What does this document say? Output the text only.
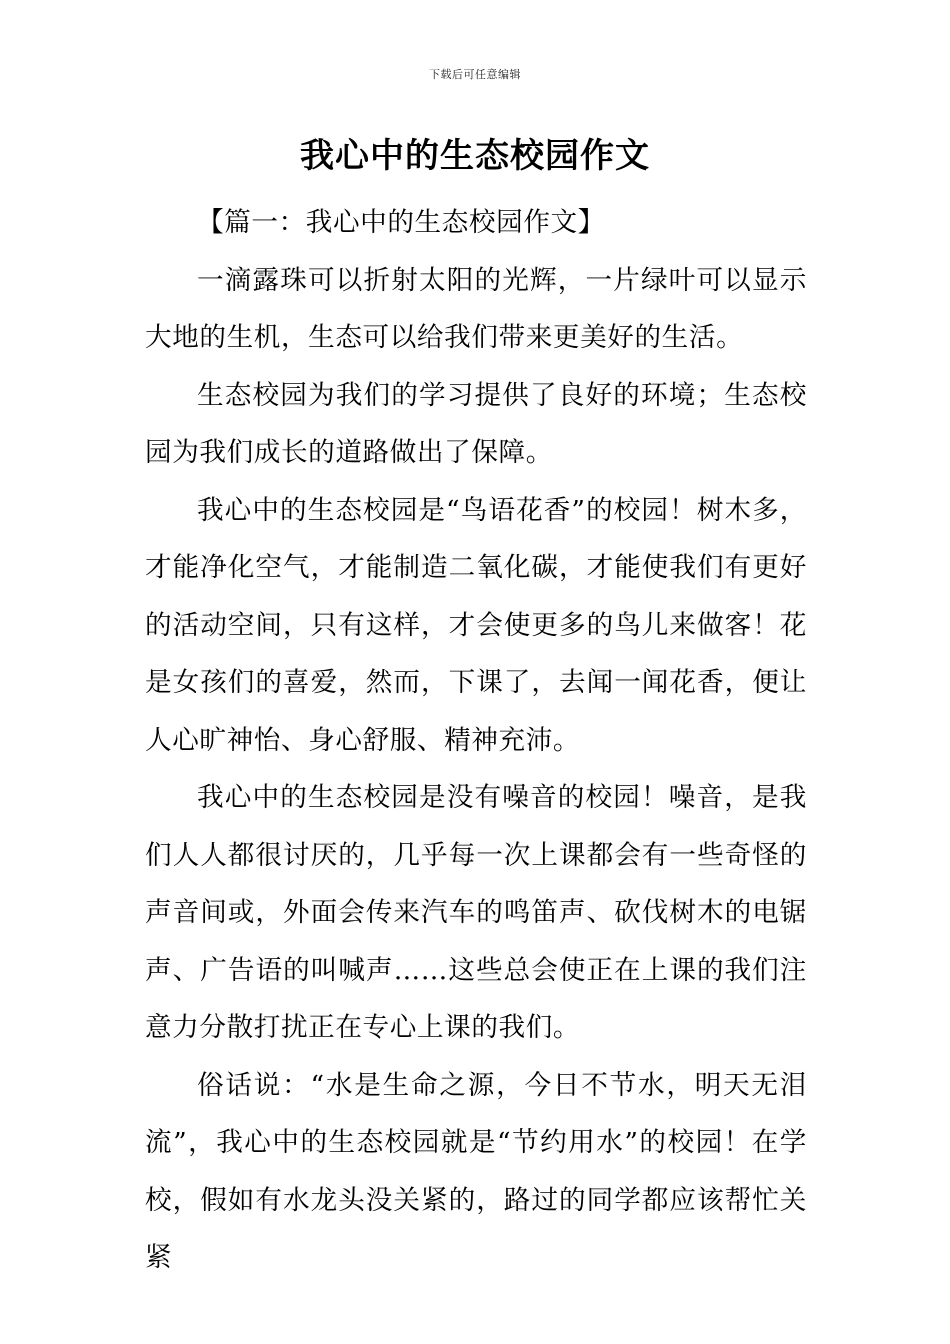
下载后可任意编辑
我心中的生态校园作文

【篇一：我心中的生态校园作文】

一滴露珠可以折射太阳的光辉，一片绿叶可以显示大地的生机，生态可以给我们带来更美好的生活。

生态校园为我们的学习提供了良好的环境；生态校园为我们成长的道路做出了保障。

我心中的生态校园是“鸟语花香”的校园！树木多，才能净化空气，才能制造二氧化碳，才能使我们有更好的活动空间，只有这样，才会使更多的鸟儿来做客！花是女孩们的喜爱，然而，下课了，去闻一闻花香，便让人心旷神怡、身心舒服、精神充沛。

我心中的生态校园是没有噪音的校园！噪音，是我们人人都很讨厌的，几乎每一次上课都会有一些奇怪的声音间或，外面会传来汽车的鸣笛声、砍伐树木的电锯声、广告语的叫喊声……这些总会使正在上课的我们注意力分散打扰正在专心上课的我们。

俗话说：“水是生命之源，今日不节水，明天无泪流”，我心中的生态校园就是“节约用水”的校园！在学校，假如有水龙头没关紧的，路过的同学都应该帮忙关紧
